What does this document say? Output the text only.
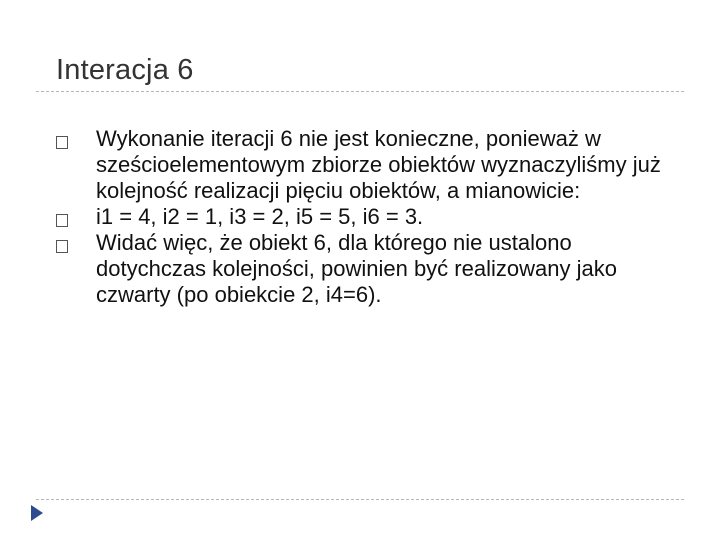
Interacja 6
Wykonanie iteracji 6 nie jest konieczne, ponieważ w sześcioelementowym zbiorze obiektów wyznaczyliśmy już kolejność realizacji pięciu obiektów, a mianowicie:
i1 = 4, i2 = 1, i3 = 2, i5 = 5, i6 = 3.
Widać więc, że obiekt 6, dla którego nie ustalono dotychczas kolejności, powinien być realizowany jako czwarty (po obiekcie 2, i4=6).
